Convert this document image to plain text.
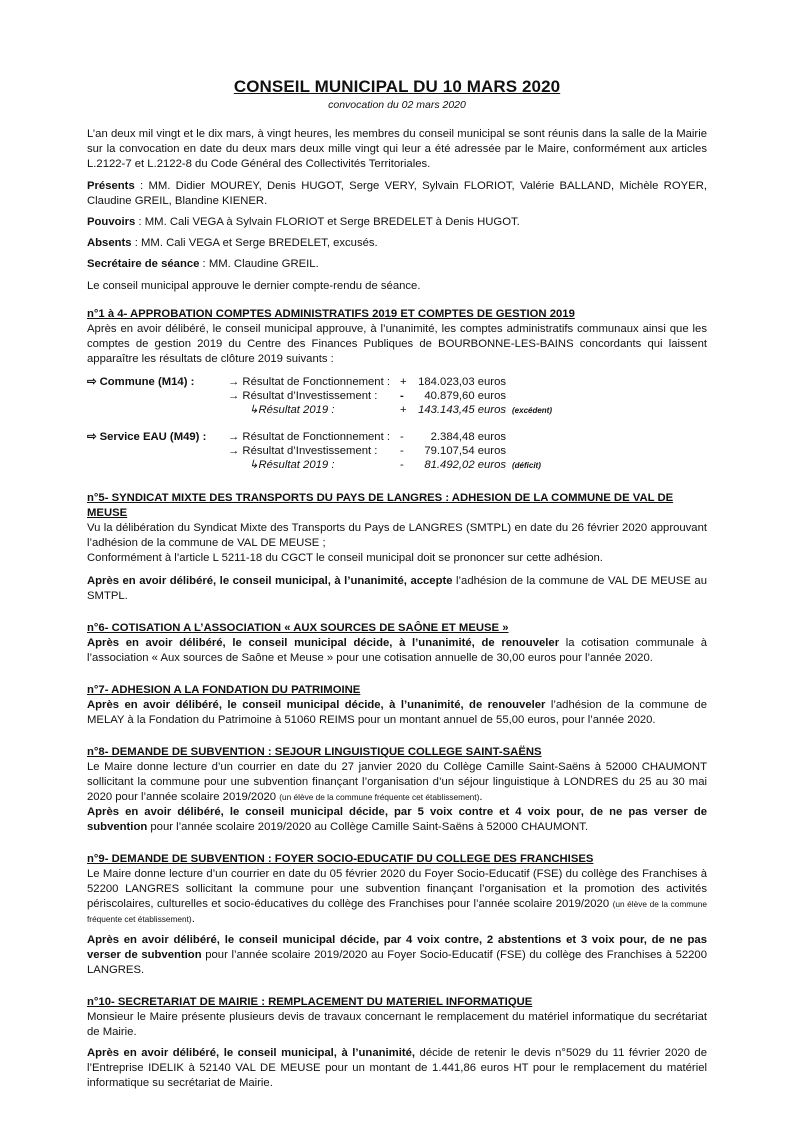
CONSEIL MUNICIPAL DU 10 MARS 2020
convocation du 02 mars 2020

L’an deux mil vingt et le dix mars, à vingt heures, les membres du conseil municipal se sont réunis dans la salle de la Mairie sur la convocation en date du deux mars deux mille vingt qui leur a été adressée par le Maire, conformément aux articles L.2122-7 et L.2122-8 du Code Général des Collectivités Territoriales.

Présents : MM. Didier MOUREY, Denis HUGOT, Serge VERY, Sylvain FLORIOT, Valérie BALLAND, Michèle ROYER, Claudine GREIL, Blandine KIENER.

Pouvoirs : MM. Cali VEGA à Sylvain FLORIOT et Serge BREDELET à Denis HUGOT.

Absents : MM. Cali VEGA et Serge BREDELET, excusés.

Secrétaire de séance : MM. Claudine GREIL.

Le conseil municipal approuve le dernier compte-rendu de séance.

n°1 à 4- APPROBATION COMPTES ADMINISTRATIFS 2019 ET COMPTES DE GESTION 2019

Après en avoir délibéré, le conseil municipal approuve, à l’unanimité, les comptes administratifs communaux ainsi que les comptes de gestion 2019 du Centre des Finances Publiques de BOURBONNE-LES-BAINS concordants qui laissent apparaître les résultats de clôture 2019 suivants :

⇨ Commune (M14) :	→ Résultat de Fonctionnement : +	184.023,03 euros
→ Résultat d’Investissement :	-	40.879,60 euros
↳Résultat 2019 :	+	143.143,45 euros (excédent)
⇨ Service EAU (M49) :	→ Résultat de Fonctionnement : -	2.384,48 euros
→ Résultat d’Investissement :	-	79.107,54 euros
↳Résultat 2019 :	-	81.492,02 euros (déficit)
n°5- SYNDICAT MIXTE DES TRANSPORTS DU PAYS DE LANGRES : ADHESION DE LA COMMUNE DE VAL DE MEUSE

Vu la délibération du Syndicat Mixte des Transports du Pays de LANGRES (SMTPL) en date du 26 février 2020 approuvant l’adhésion de la commune de VAL DE MEUSE ;

Conformément à l’article L 5211-18 du CGCT le conseil municipal doit se prononcer sur cette adhésion.

Après en avoir délibéré, le conseil municipal, à l’unanimité, accepte l’adhésion de la commune de VAL DE MEUSE au SMTPL.

n°6- COTISATION A L’ASSOCIATION « AUX SOURCES DE SAÔNE ET MEUSE »

Après en avoir délibéré, le conseil municipal décide, à l’unanimité, de renouveler la cotisation communale à l’association « Aux sources de Saône et Meuse » pour une cotisation annuelle de 30,00 euros pour l’année 2020.

n°7- ADHESION A LA FONDATION DU PATRIMOINE

Après en avoir délibéré, le conseil municipal décide, à l’unanimité, de renouveler l’adhésion de la commune de MELAY à la Fondation du Patrimoine à 51060 REIMS pour un montant annuel de 55,00 euros, pour l’année 2020.

n°8- DEMANDE DE SUBVENTION : SEJOUR LINGUISTIQUE COLLEGE SAINT-SAËNS

Le Maire donne lecture d’un courrier en date du 27 janvier 2020 du Collège Camille Saint-Saëns à 52000 CHAUMONT sollicitant la commune pour une subvention finançant l’organisation d’un séjour linguistique à LONDRES du 25 au 30 mai 2020 pour l’année scolaire 2019/2020 (un élève de la commune fréquente cet établissement).

Après en avoir délibéré, le conseil municipal décide, par 5 voix contre et 4 voix pour, de ne pas verser de subvention pour l’année scolaire 2019/2020 au Collège Camille Saint-Saëns à 52000 CHAUMONT.

n°9- DEMANDE DE SUBVENTION : FOYER SOCIO-EDUCATIF DU COLLEGE DES FRANCHISES

Le Maire donne lecture d’un courrier en date du 05 février 2020 du Foyer Socio-Educatif (FSE) du collège des Franchises à 52200 LANGRES sollicitant la commune pour une subvention finançant l’organisation et la promotion des activités périscolaires, culturelles et socio-éducatives du collège des Franchises pour l’année scolaire 2019/2020 (un élève de la commune fréquente cet établissement).

Après en avoir délibéré, le conseil municipal décide, par 4 voix contre, 2 abstentions et 3 voix pour, de ne pas verser de subvention pour l’année scolaire 2019/2020 au Foyer Socio-Educatif (FSE) du collège des Franchises à 52200 LANGRES.

n°10- SECRETARIAT DE MAIRIE : REMPLACEMENT DU MATERIEL INFORMATIQUE

Monsieur le Maire présente plusieurs devis de travaux concernant le remplacement du matériel informatique du secrétariat de Mairie.

Après en avoir délibéré, le conseil municipal, à l’unanimité, décide de retenir le devis n°5029 du 11 février 2020 de l’Entreprise IDELIK à 52140 VAL DE MEUSE pour un montant de 1.441,86 euros HT pour le remplacement du matériel informatique su secrétariat de Mairie.
